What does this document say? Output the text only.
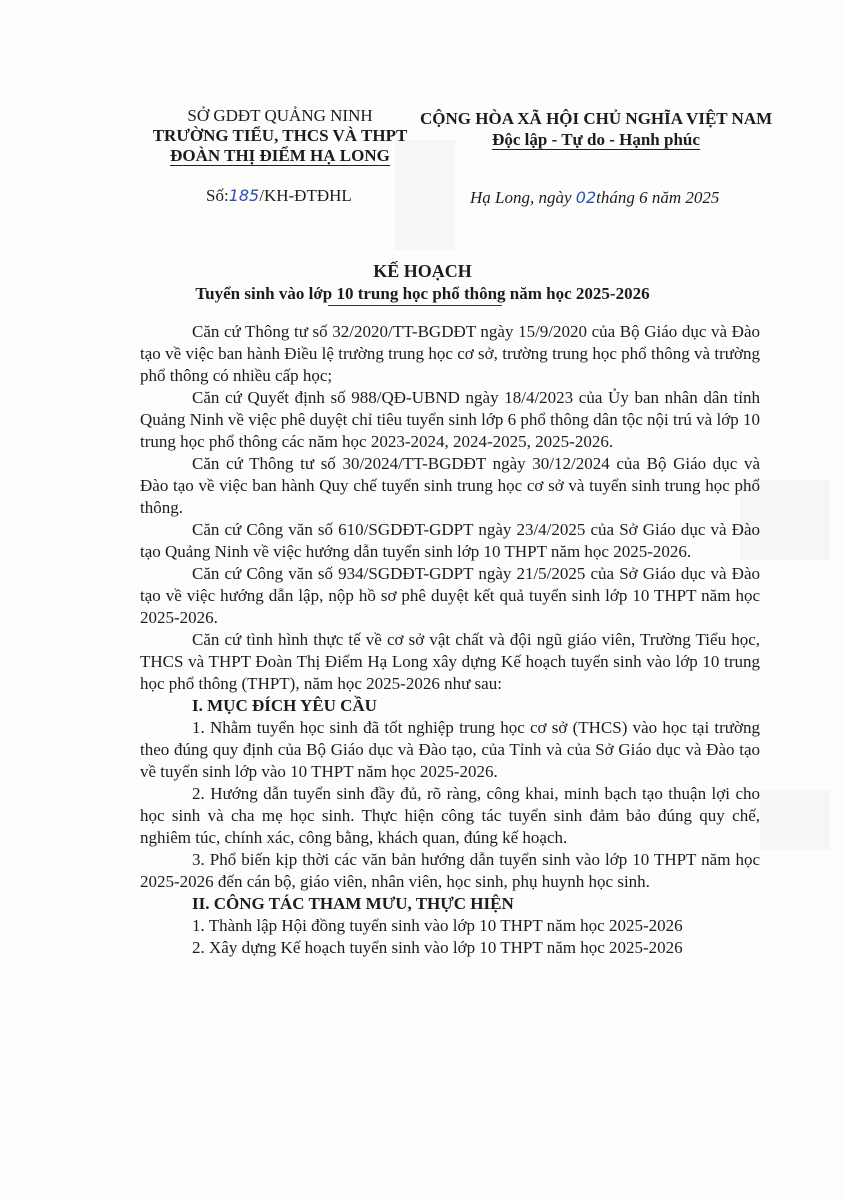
SỞ GDĐT QUẢNG NINH
TRƯỜNG TIỂU, THCS VÀ THPT
ĐOÀN THỊ ĐIỂM HẠ LONG
CỘNG HÒA XÃ HỘI CHỦ NGHĨA VIỆT NAM
Độc lập - Tự do - Hạnh phúc
Số:185/KH-ĐTĐHL	Hạ Long, ngày 02tháng 6 năm 2025
KẾ HOẠCH
Tuyển sinh vào lớp 10 trung học phổ thông năm học 2025-2026

Căn cứ Thông tư số 32/2020/TT-BGDĐT ngày 15/9/2020 của Bộ Giáo dục và Đào tạo về việc ban hành Điều lệ trường trung học cơ sở, trường trung học phổ thông và trường phổ thông có nhiều cấp học;

Căn cứ Quyết định số 988/QĐ-UBND ngày 18/4/2023 của Ủy ban nhân dân tỉnh Quảng Ninh về việc phê duyệt chỉ tiêu tuyển sinh lớp 6 phổ thông dân tộc nội trú và lớp 10 trung học phổ thông các năm học 2023-2024, 2024-2025, 2025-2026.

Căn cứ Thông tư số 30/2024/TT-BGDĐT ngày 30/12/2024 của Bộ Giáo dục và Đào tạo về việc ban hành Quy chế tuyển sinh trung học cơ sở và tuyển sinh trung học phổ thông.

Căn cứ Công văn số 610/SGDĐT-GDPT ngày 23/4/2025 của Sở Giáo dục và Đào tạo Quảng Ninh về việc hướng dẫn tuyển sinh lớp 10 THPT năm học 2025-2026.

Căn cứ Công văn số 934/SGDĐT-GDPT ngày 21/5/2025 của Sở Giáo dục và Đào tạo về việc hướng dẫn lập, nộp hồ sơ phê duyệt kết quả tuyển sinh lớp 10 THPT năm học 2025-2026.

Căn cứ tình hình thực tế về cơ sở vật chất và đội ngũ giáo viên, Trường Tiểu học, THCS và THPT Đoàn Thị Điểm Hạ Long xây dựng Kế hoạch tuyển sinh vào lớp 10 trung học phổ thông (THPT), năm học 2025-2026 như sau:

I. MỤC ĐÍCH YÊU CẦU

1. Nhằm tuyển học sinh đã tốt nghiệp trung học cơ sở (THCS) vào học tại trường theo đúng quy định của Bộ Giáo dục và Đào tạo, của Tỉnh và của Sở Giáo dục và Đào tạo về tuyển sinh lớp vào 10 THPT năm học 2025-2026.

2. Hướng dẫn tuyển sinh đầy đủ, rõ ràng, công khai, minh bạch tạo thuận lợi cho học sinh và cha mẹ học sinh. Thực hiện công tác tuyển sinh đảm bảo đúng quy chế, nghiêm túc, chính xác, công bằng, khách quan, đúng kế hoạch.

3. Phổ biến kịp thời các văn bản hướng dẫn tuyển sinh vào lớp 10 THPT năm học 2025-2026 đến cán bộ, giáo viên, nhân viên, học sinh, phụ huynh học sinh.

II. CÔNG TÁC THAM MƯU, THỰC HIỆN

1. Thành lập Hội đồng tuyển sinh vào lớp 10 THPT năm học 2025-2026

2. Xây dựng Kế hoạch tuyển sinh vào lớp 10 THPT năm học 2025-2026
